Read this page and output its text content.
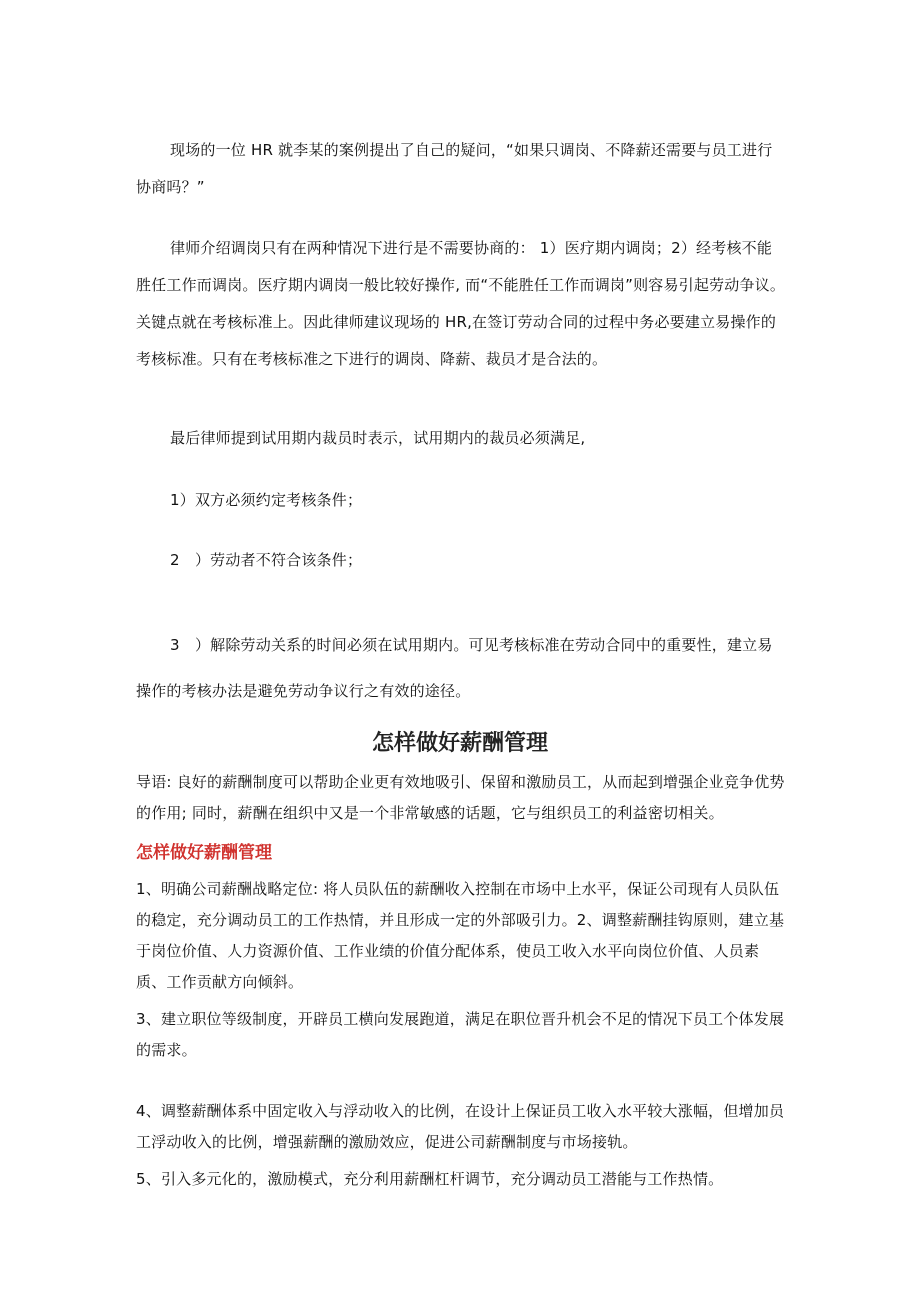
现场的一位 HR 就李某的案例提出了自己的疑问，“如果只调岗、不降薪还需要与员工进行协商吗？”

律师介绍调岗只有在两种情况下进行是不需要协商的： 1）医疗期内调岗；2）经考核不能胜任工作而调岗。医疗期内调岗一般比较好操作, 而“不能胜任工作而调岗”则容易引起劳动争议。关键点就在考核标准上。因此律师建议现场的 HR,在签订劳动合同的过程中务必要建立易操作的考核标准。只有在考核标准之下进行的调岗、降薪、裁员才是合法的。

最后律师提到试用期内裁员时表示，试用期内的裁员必须满足,

1）双方必须约定考核条件；

2　）劳动者不符合该条件；

3　）解除劳动关系的时间必须在试用期内。可见考核标准在劳动合同中的重要性，建立易操作的考核办法是避免劳动争议行之有效的途径。

怎样做好薪酬管理

导语: 良好的薪酬制度可以帮助企业更有效地吸引、保留和激励员工，从而起到增强企业竞争优势的作用; 同时，薪酬在组织中又是一个非常敏感的话题，它与组织员工的利益密切相关。

怎样做好薪酬管理

1、明确公司薪酬战略定位: 将人员队伍的薪酬收入控制在市场中上水平，保证公司现有人员队伍的稳定，充分调动员工的工作热情，并且形成一定的外部吸引力。2、调整薪酬挂钩原则，建立基于岗位价值、人力资源价值、工作业绩的价值分配体系，使员工收入水平向岗位价值、人员素质、工作贡献方向倾斜。

3、建立职位等级制度，开辟员工横向发展跑道，满足在职位晋升机会不足的情况下员工个体发展的需求。

4、调整薪酬体系中固定收入与浮动收入的比例，在设计上保证员工收入水平较大涨幅，但增加员工浮动收入的比例，增强薪酬的激励效应，促进公司薪酬制度与市场接轨。

5、引入多元化的，激励模式，充分利用薪酬杠杆调节，充分调动员工潜能与工作热情。
